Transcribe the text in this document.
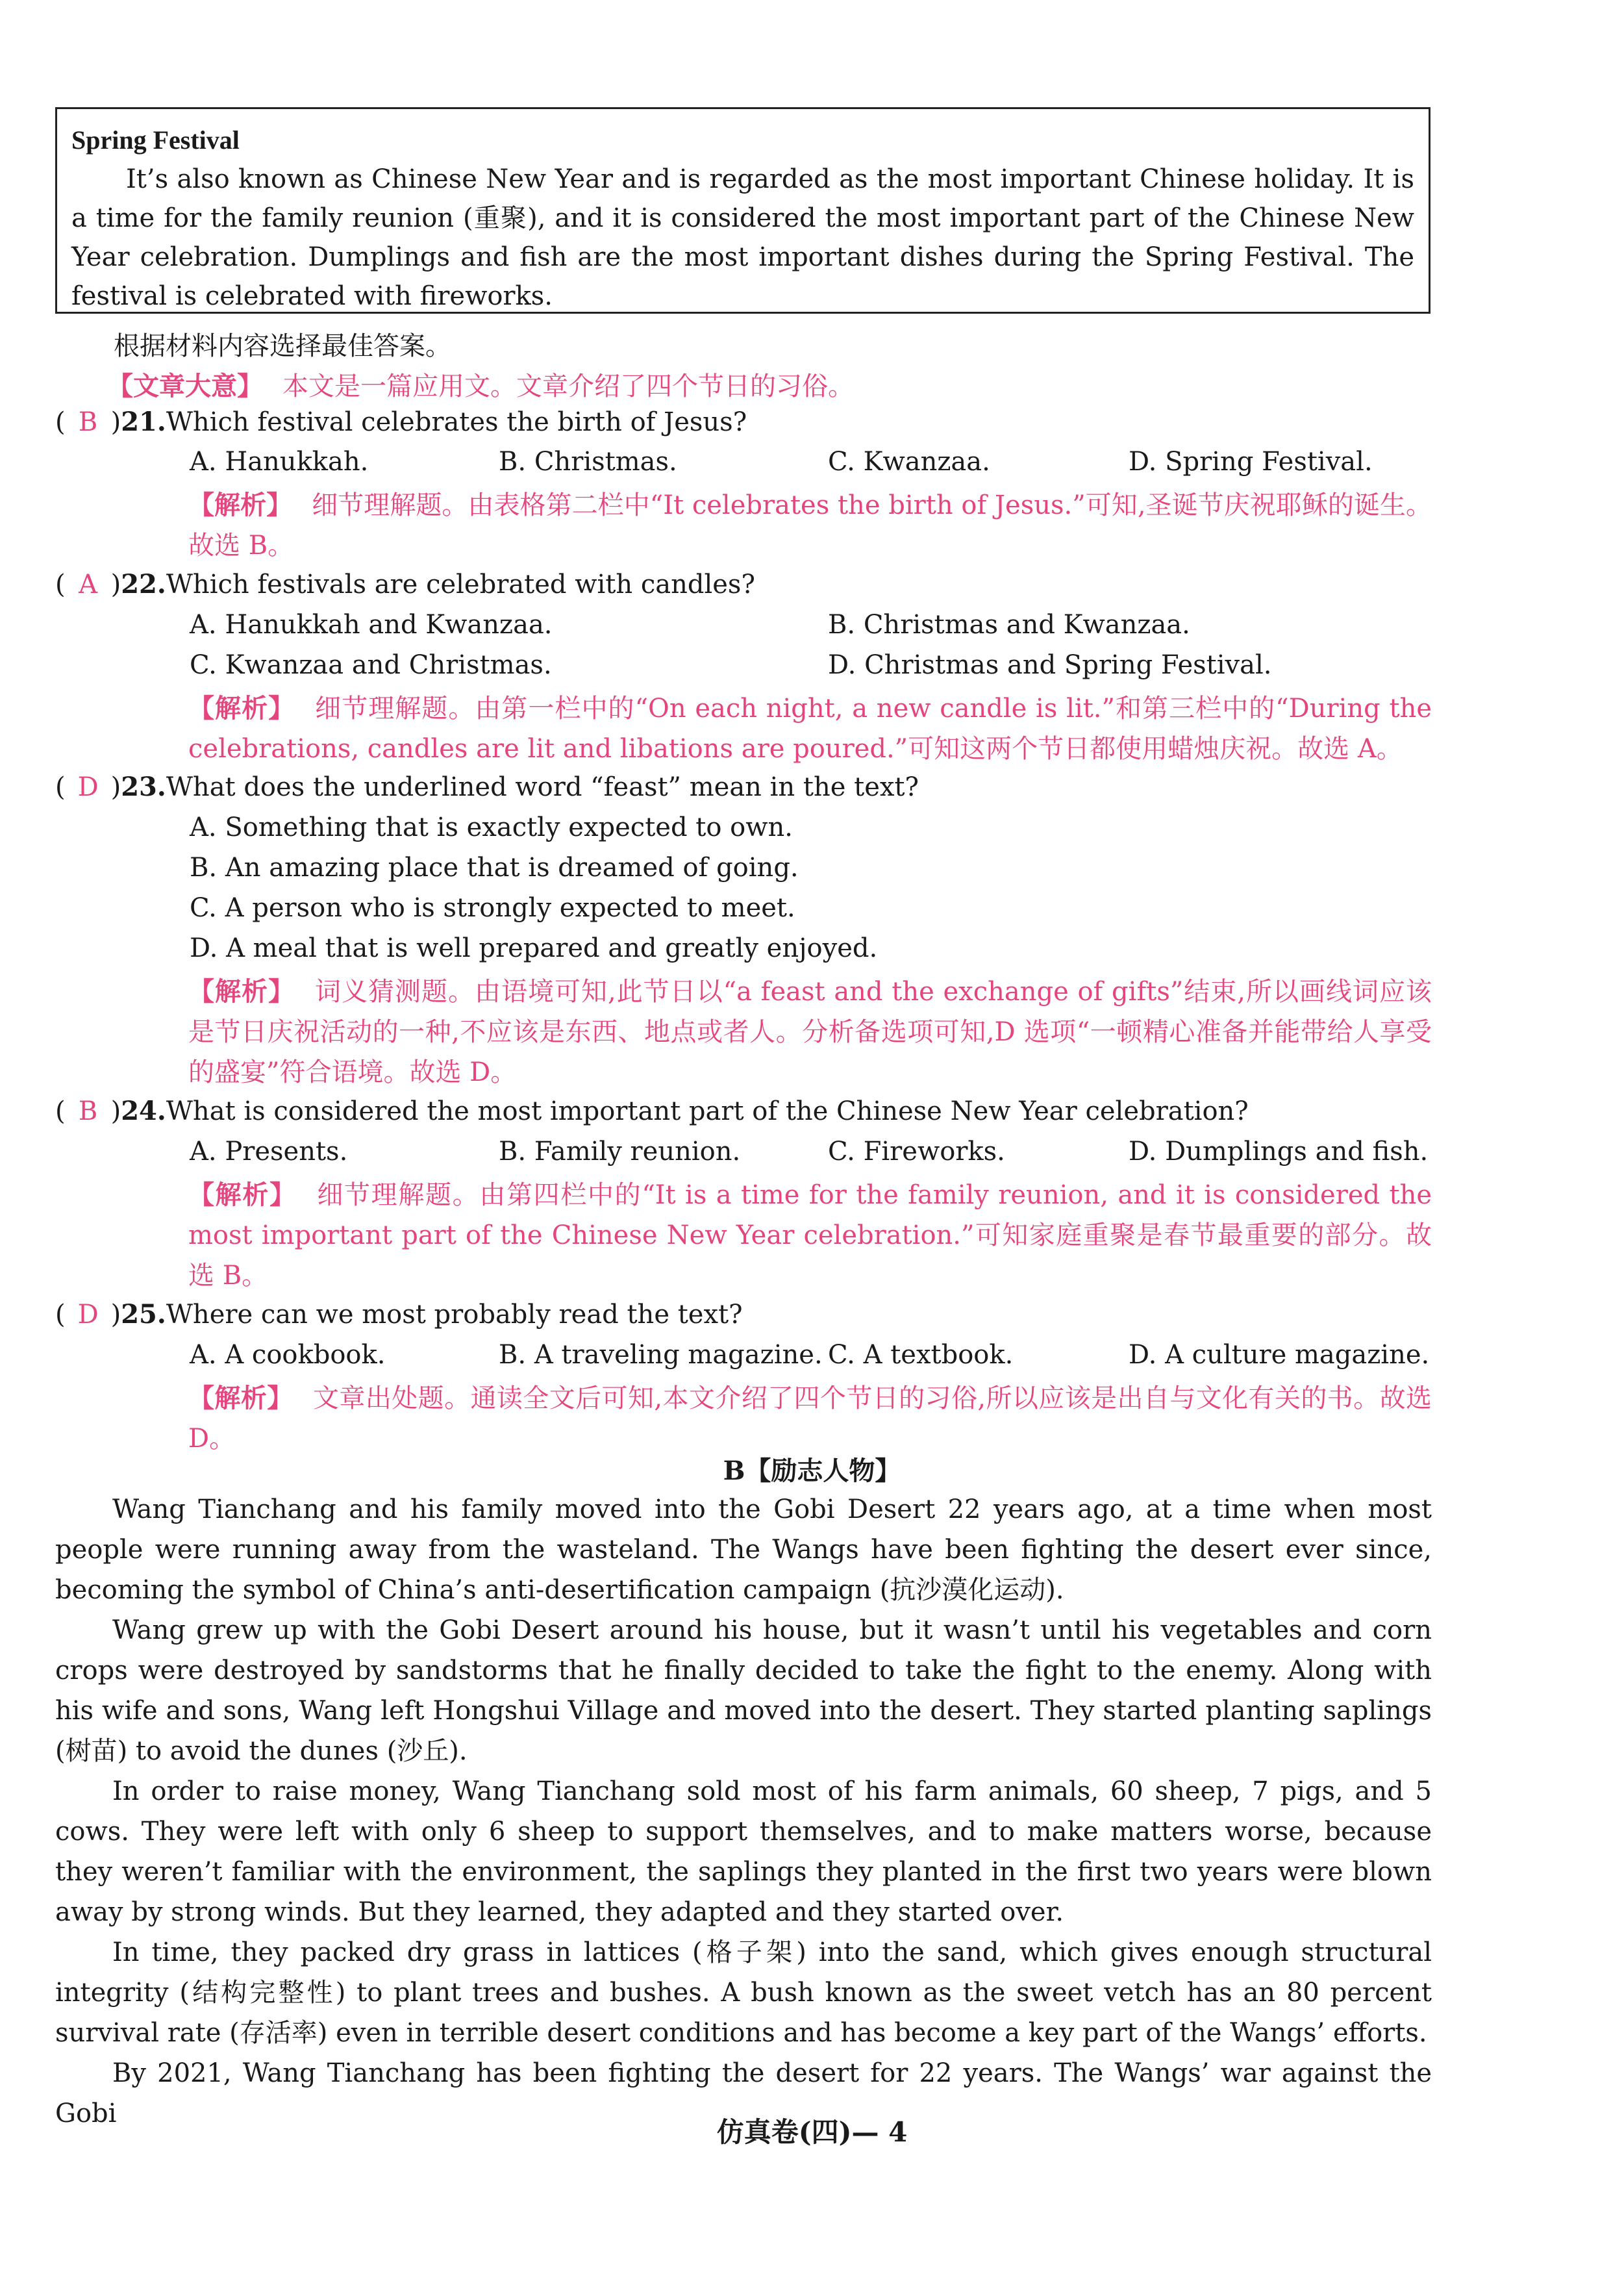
Spring Festival
It’s also known as Chinese New Year and is regarded as the most important Chinese holiday. It is a time for the family reunion (重聚), and it is considered the most important part of the Chinese New Year celebration. Dumplings and fish are the most important dishes during the Spring Festival. The festival is celebrated with fireworks.
根据材料内容选择最佳答案。
【文章大意】 本文是一篇应用文。文章介绍了四个节日的习俗。
( B )21.Which festival celebrates the birth of Jesus?
A. Hanukkah.	B. Christmas.	C. Kwanzaa.	D. Spring Festival.
【解析】 细节理解题。由表格第二栏中“It celebrates the birth of Jesus.”可知,圣诞节庆祝耶稣的诞生。故选 B。
( A )22.Which festivals are celebrated with candles?
A. Hanukkah and Kwanzaa.	B. Christmas and Kwanzaa.
C. Kwanzaa and Christmas.	D. Christmas and Spring Festival.
【解析】 细节理解题。由第一栏中的“On each night, a new candle is lit.”和第三栏中的“During the celebrations, candles are lit and libations are poured.”可知这两个节日都使用蜡烛庆祝。故选 A。
( D )23.What does the underlined word “feast” mean in the text?
A. Something that is exactly expected to own.
B. An amazing place that is dreamed of going.
C. A person who is strongly expected to meet.
D. A meal that is well prepared and greatly enjoyed.
【解析】 词义猜测题。由语境可知,此节日以“a feast and the exchange of gifts”结束,所以画线词应该是节日庆祝活动的一种,不应该是东西、地点或者人。分析备选项可知,D 选项“一顿精心准备并能带给人享受的盛宴”符合语境。故选 D。
( B )24.What is considered the most important part of the Chinese New Year celebration?
A. Presents.	B. Family reunion.	C. Fireworks.	D. Dumplings and fish.
【解析】 细节理解题。由第四栏中的“It is a time for the family reunion, and it is considered the most important part of the Chinese New Year celebration.”可知家庭重聚是春节最重要的部分。故选 B。
( D )25.Where can we most probably read the text?
A. A cookbook.	B. A traveling magazine. C. A textbook.	D. A culture magazine.
【解析】 文章出处题。通读全文后可知,本文介绍了四个节日的习俗,所以应该是出自与文化有关的书。故选 D。
B【励志人物】

Wang Tianchang and his family moved into the Gobi Desert 22 years ago, at a time when most people were running away from the wasteland. The Wangs have been fighting the desert ever since, becoming the symbol of China’s anti-desertification campaign (抗沙漠化运动).

Wang grew up with the Gobi Desert around his house, but it wasn’t until his vegetables and corn crops were destroyed by sandstorms that he finally decided to take the fight to the enemy. Along with his wife and sons, Wang left Hongshui Village and moved into the desert. They started planting saplings (树苗) to avoid the dunes (沙丘).

In order to raise money, Wang Tianchang sold most of his farm animals, 60 sheep, 7 pigs, and 5 cows. They were left with only 6 sheep to support themselves, and to make matters worse, because they weren’t familiar with the environment, the saplings they planted in the first two years were blown away by strong winds. But they learned, they adapted and they started over.

In time, they packed dry grass in lattices (格子架) into the sand, which gives enough structural integrity (结构完整性) to plant trees and bushes. A bush known as the sweet vetch has an 80 percent survival rate (存活率) even in terrible desert conditions and has become a key part of the Wangs’ efforts.

By 2021, Wang Tianchang has been fighting the desert for 22 years. The Wangs’ war against the Gobi

仿真卷(四)— 4
